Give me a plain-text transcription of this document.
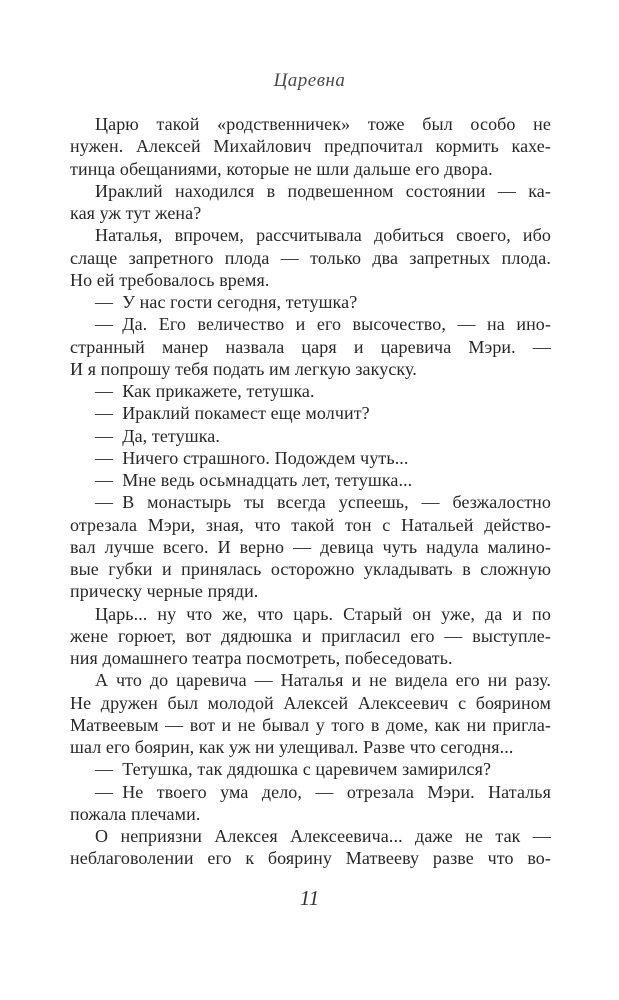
Царевна
Царю такой «родственничек» тоже был особо не
нужен. Алексей Михайлович предпочитал кормить кахе-
тинца обещаниями, которые не шли дальше его двора.
Ираклий находился в подвешенном состоянии — ка-
кая уж тут жена?
Наталья, впрочем, рассчитывала добиться своего, ибо
слаще запретного плода — только два запретных плода.
Но ей требовалось время.
— У нас гости сегодня, тетушка?
— Да. Его величество и его высочество, — на ино-
странный манер назвала царя и царевича Мэри. —
И я попрошу тебя подать им легкую закуску.
— Как прикажете, тетушка.
— Ираклий покамест еще молчит?
— Да, тетушка.
— Ничего страшного. Подождем чуть...
— Мне ведь осьмнадцать лет, тетушка...
— В монастырь ты всегда успеешь, — безжалостно
отрезала Мэри, зная, что такой тон с Натальей действо-
вал лучше всего. И верно — девица чуть надула малино-
вые губки и принялась осторожно укладывать в сложную
прическу черные пряди.
Царь... ну что же, что царь. Старый он уже, да и по
жене горюет, вот дядюшка и пригласил его — выступле-
ния домашнего театра посмотреть, побеседовать.
А что до царевича — Наталья и не видела его ни разу.
Не дружен был молодой Алексей Алексеевич с боярином
Матвеевым — вот и не бывал у того в доме, как ни пригла-
шал его боярин, как уж ни улещивал. Разве что сегодня...
— Тетушка, так дядюшка с царевичем замирился?
— Не твоего ума дело, — отрезала Мэри. Наталья
пожала плечами.
О неприязни Алексея Алексеевича... даже не так —
неблаговолении его к боярину Матвееву разве что во-
11
